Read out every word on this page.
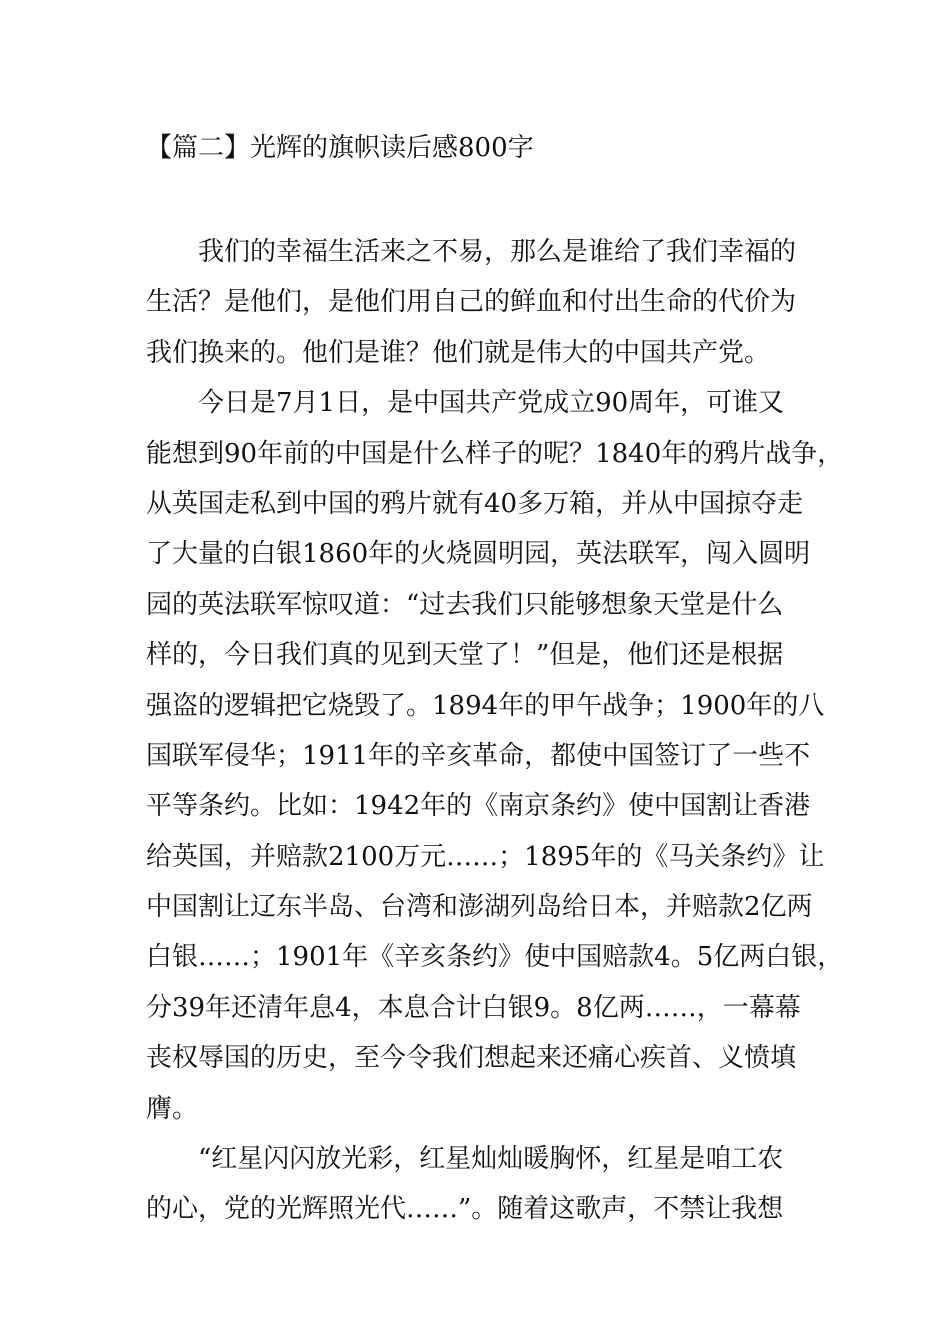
【篇二】光辉的旗帜读后感800字
我们的幸福生活来之不易，那么是谁给了我们幸福的
生活？是他们，是他们用自己的鲜血和付出生命的代价为
我们换来的。他们是谁？他们就是伟大的中国共产党。
今日是7月1日，是中国共产党成立90周年，可谁又
能想到90年前的中国是什么样子的呢？1840年的鸦片战争，
从英国走私到中国的鸦片就有40多万箱，并从中国掠夺走
了大量的白银1860年的火烧圆明园，英法联军，闯入圆明
园的英法联军惊叹道：“过去我们只能够想象天堂是什么
样的，今日我们真的见到天堂了！”但是，他们还是根据
强盗的逻辑把它烧毁了。1894年的甲午战争；1900年的八
国联军侵华；1911年的辛亥革命，都使中国签订了一些不
平等条约。比如：1942年的《南京条约》使中国割让香港
给英国，并赔款2100万元……；1895年的《马关条约》让
中国割让辽东半岛、台湾和澎湖列岛给日本，并赔款2亿两
白银……；1901年《辛亥条约》使中国赔款4。5亿两白银，
分39年还清年息4，本息合计白银9。8亿两……，一幕幕
丧权辱国的历史，至今令我们想起来还痛心疾首、义愤填
膺。
“红星闪闪放光彩，红星灿灿暖胸怀，红星是咱工农
的心，党的光辉照光代……”。随着这歌声，不禁让我想
